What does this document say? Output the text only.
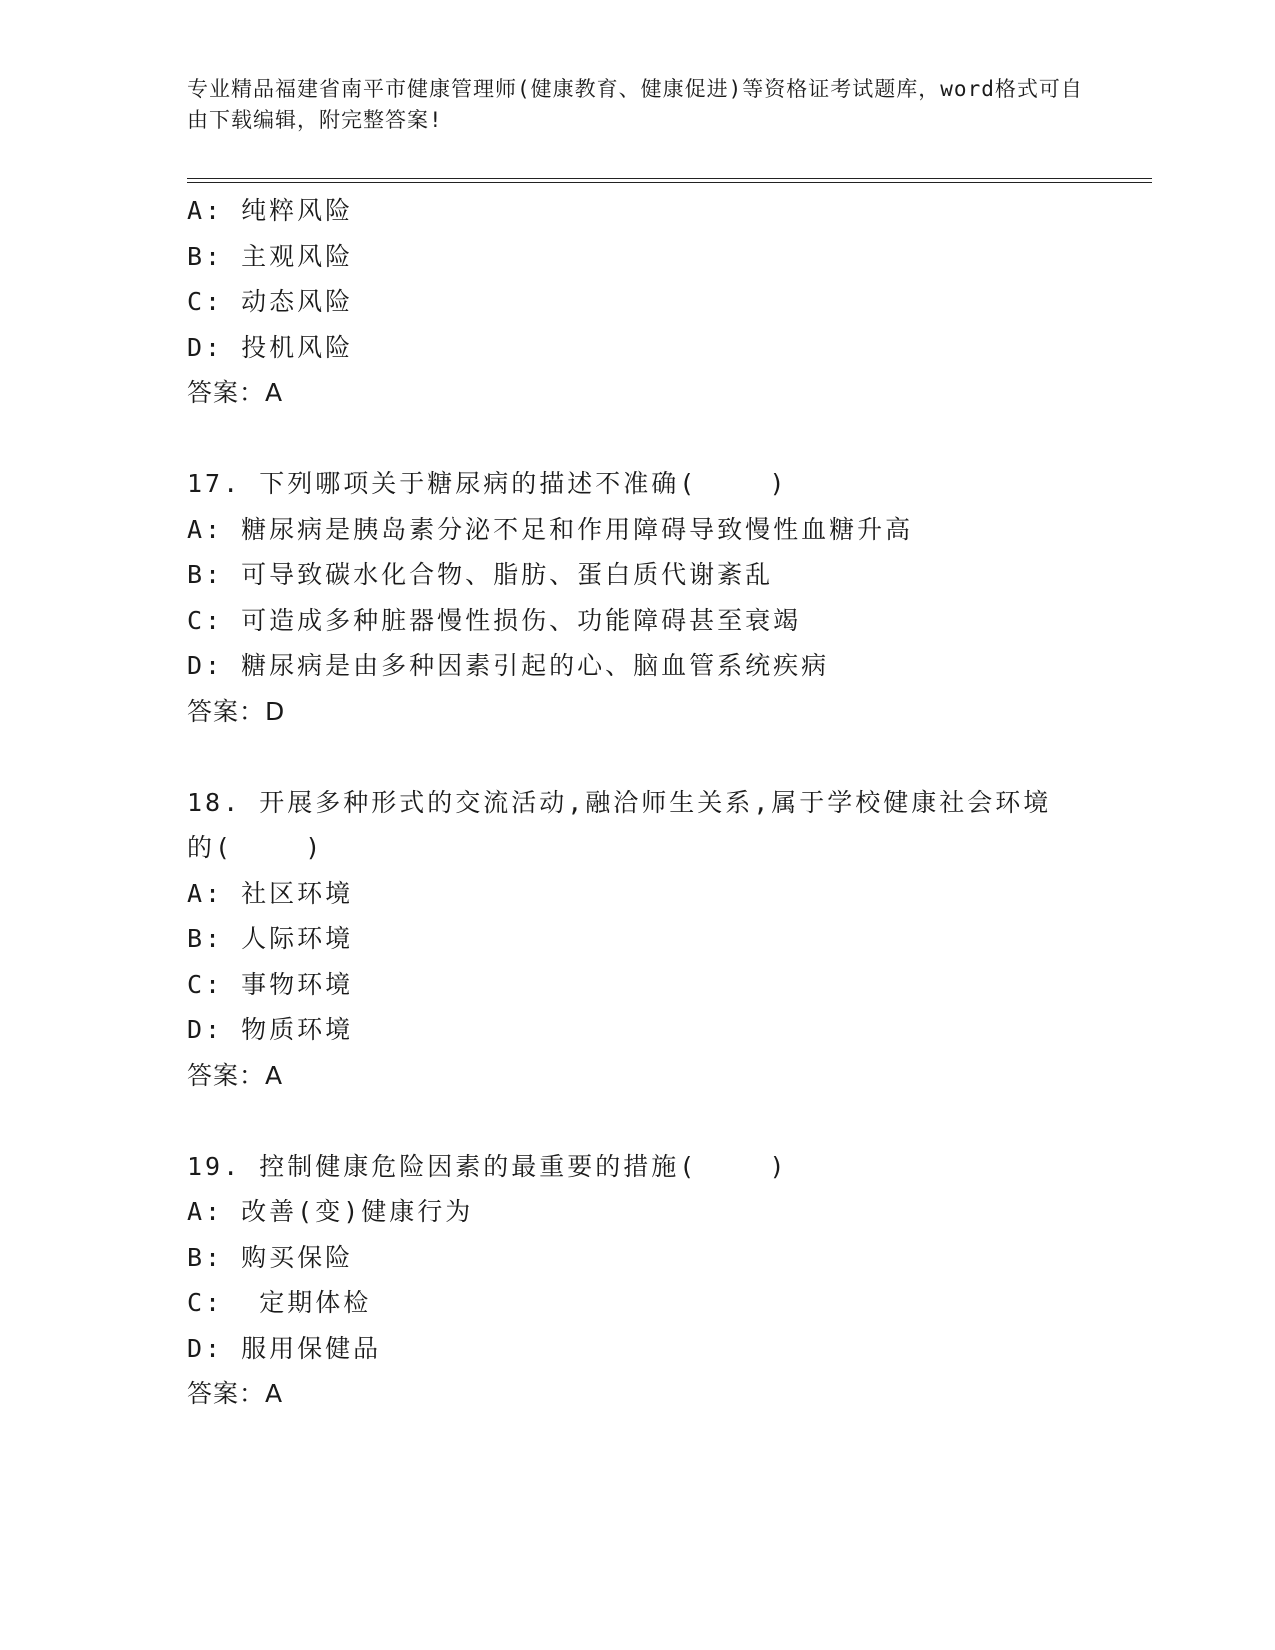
专业精品福建省南平市健康管理师(健康教育、健康促进)等资格证考试题库，word格式可自由下载编辑，附完整答案!
A: 纯粹风险
B: 主观风险
C: 动态风险
D: 投机风险
答案：A
17. 下列哪项关于糖尿病的描述不准确(    )
A: 糖尿病是胰岛素分泌不足和作用障碍导致慢性血糖升高
B: 可导致碳水化合物、脂肪、蛋白质代谢紊乱
C: 可造成多种脏器慢性损伤、功能障碍甚至衰竭
D: 糖尿病是由多种因素引起的心、脑血管系统疾病
答案：D
18. 开展多种形式的交流活动,融洽师生关系,属于学校健康社会环境
的(    )
A: 社区环境
B: 人际环境
C: 事物环境
D: 物质环境
答案：A
19. 控制健康危险因素的最重要的措施(    )
A: 改善(变)健康行为
B: 购买保险
C:  定期体检
D: 服用保健品
答案：A
